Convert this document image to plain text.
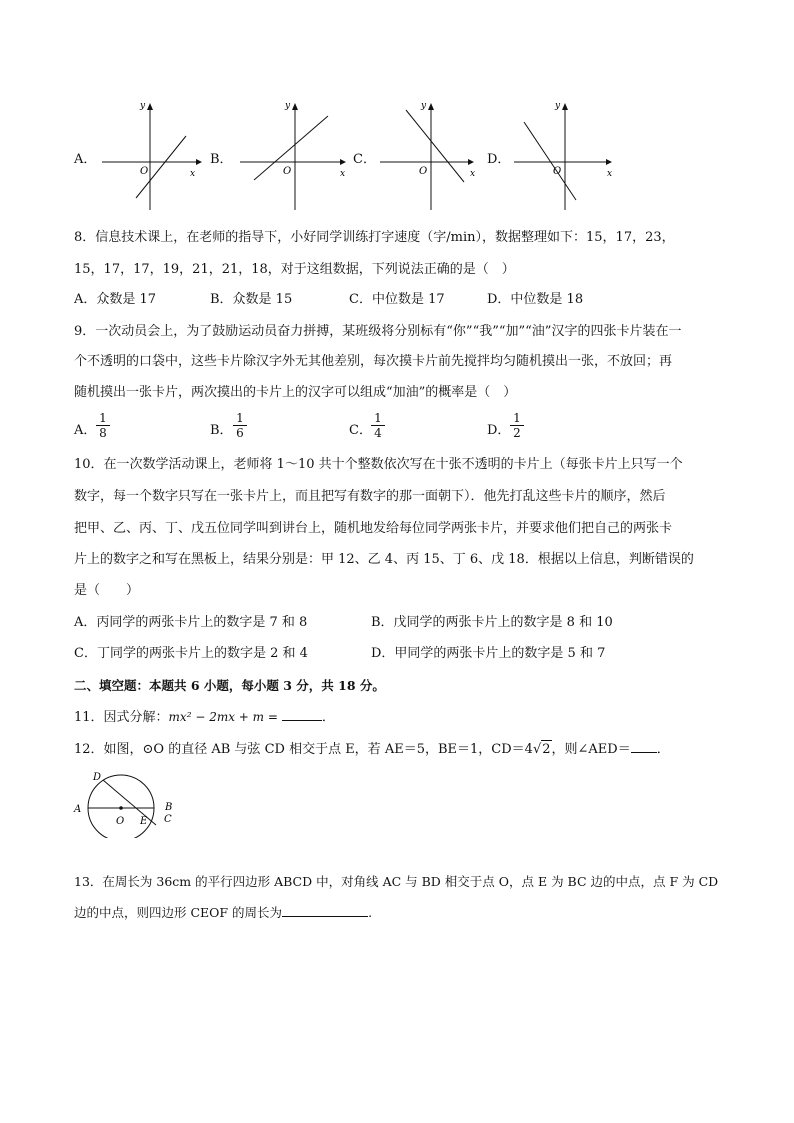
A．
y
x
O
B．
y
x
O
C．
y
x
O
D．
y
x
O
8．信息技术课上，在老师的指导下，小好同学训练打字速度（字/min），数据整理如下：15，17，23，
15，17，17，19，21，21，18，对于这组数据，下列说法正确的是（　）
A．众数是 17	B．众数是 15	C．中位数是 17	D．中位数是 18
9．一次动员会上，为了鼓励运动员奋力拼搏，某班级将分别标有“你”“我”“加”“油”汉字的四张卡片装在一
个不透明的口袋中，这些卡片除汉字外无其他差别，每次摸卡片前先搅拌均匀随机摸出一张，不放回；再
随机摸出一张卡片，两次摸出的卡片上的汉字可以组成“加油”的概率是（　）
A． $\frac{1}{8}$	B． $\frac{1}{6}$	C． $\frac{1}{4}$	D． $\frac{1}{2}$
10．在一次数学活动课上，老师将 1～10 共十个整数依次写在十张不透明的卡片上（每张卡片上只写一个
数字，每一个数字只写在一张卡片上，而且把写有数字的那一面朝下）．他先打乱这些卡片的顺序，然后
把甲、乙、丙、丁、戊五位同学叫到讲台上，随机地发给每位同学两张卡片，并要求他们把自己的两张卡
片上的数字之和写在黑板上，结果分别是：甲 12、乙 4、丙 15、丁 6、戊 18．根据以上信息，判断错误的
是（　　）
A．丙同学的两张卡片上的数字是 7 和 8	B．戊同学的两张卡片上的数字是 8 和 10
C．丁同学的两张卡片上的数字是 2 和 4	D．甲同学的两张卡片上的数字是 5 和 7
二、填空题：本题共 6 小题，每小题 3 分，共 18 分。
11．因式分解：mx² − 2mx + m =	．
12．如图，⊙O 的直径 AB 与弦 CD 相交于点 E，若 AE＝5，BE＝1，CD＝4√2，则∠AED＝ ．
D
A
O E
B
C
13．在周长为 36cm 的平行四边形 ABCD 中，对角线 AC 与 BD 相交于点 O，点 E 为 BC 边的中点，点 F 为 CD
边的中点，则四边形 CEOF 的周长为	.
